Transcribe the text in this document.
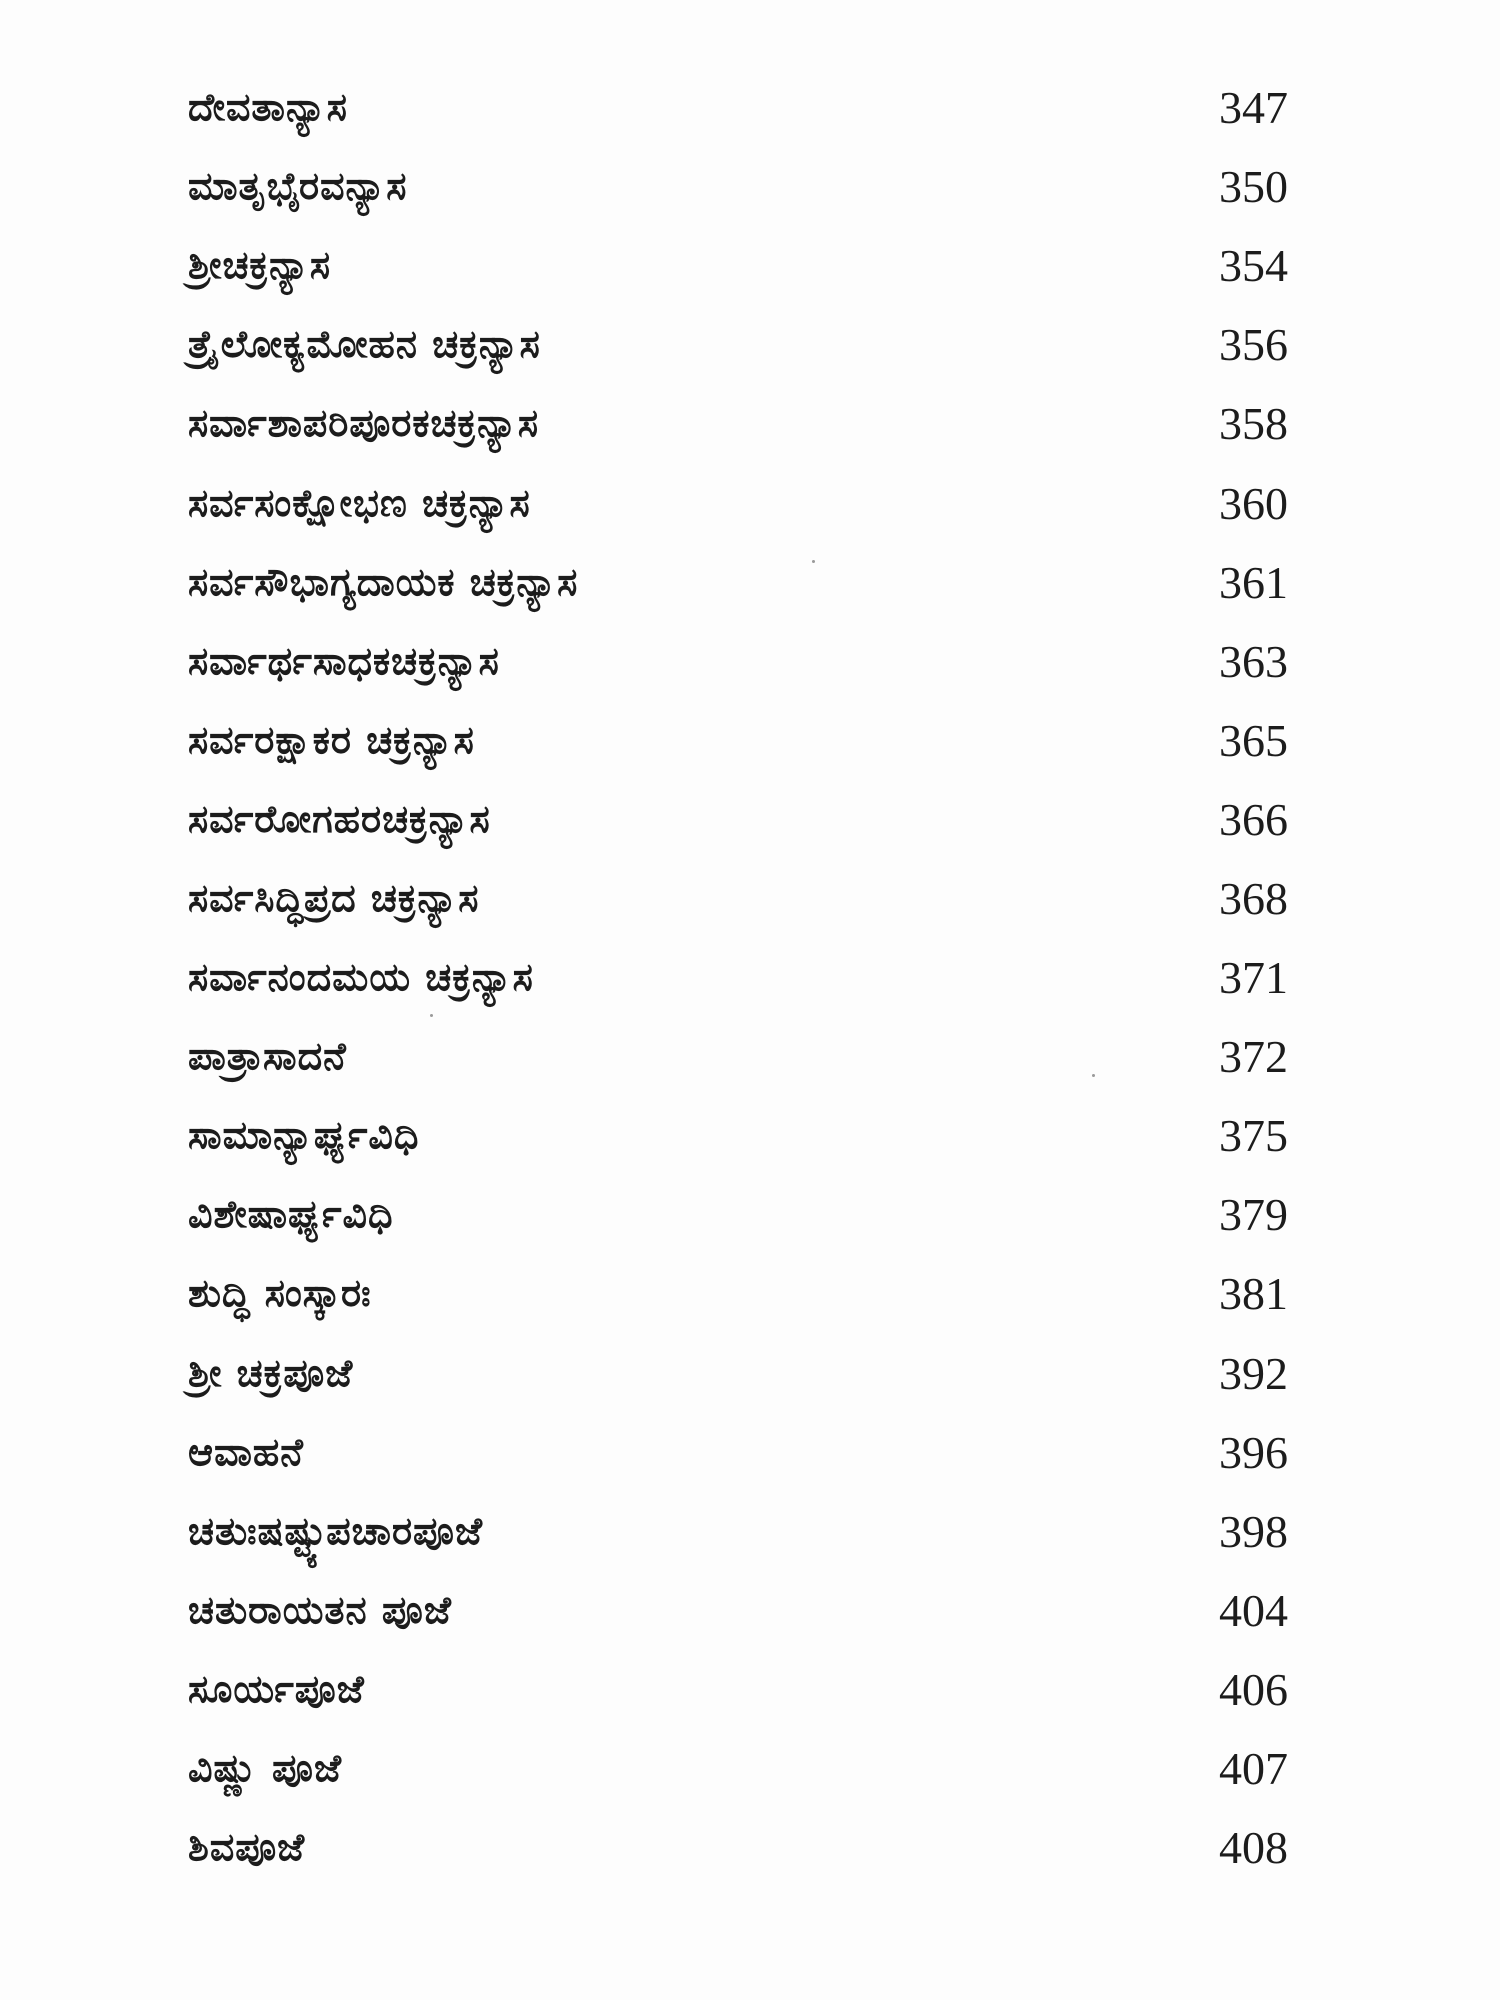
ದೇವತಾನ್ಯಾಸ	347
ಮಾತೃಭೈರವನ್ಯಾಸ	350
ಶ್ರೀಚಕ್ರನ್ಯಾಸ	354
ತ್ರೈಲೋಕ್ಯಮೋಹನ ಚಕ್ರನ್ಯಾಸ	356
ಸರ್ವಾಶಾಪರಿಪೂರಕಚಕ್ರನ್ಯಾಸ	358
ಸರ್ವಸಂಕ್ಷೋಭಣ ಚಕ್ರನ್ಯಾಸ	360
ಸರ್ವಸೌಭಾಗ್ಯದಾಯಕ ಚಕ್ರನ್ಯಾಸ	361
ಸರ್ವಾರ್ಥಸಾಧಕಚಕ್ರನ್ಯಾಸ	363
ಸರ್ವರಕ್ಷಾಕರ ಚಕ್ರನ್ಯಾಸ	365
ಸರ್ವರೋಗಹರಚಕ್ರನ್ಯಾಸ	366
ಸರ್ವಸಿದ್ಧಿಪ್ರದ ಚಕ್ರನ್ಯಾಸ	368
ಸರ್ವಾನಂದಮಯ ಚಕ್ರನ್ಯಾಸ	371
ಪಾತ್ರಾಸಾದನೆ	372
ಸಾಮಾನ್ಯಾರ್ಘ್ಯವಿಧಿ	375
ವಿಶೇಷಾರ್ಘ್ಯವಿಧಿ	379
ಶುದ್ಧಿ ಸಂಸ್ಕಾರಃ	381
ಶ್ರೀ ಚಕ್ರಪೂಜೆ	392
ಆವಾಹನೆ	396
ಚತುಃಷಷ್ಟ್ಯುಪಚಾರಪೂಜೆ	398
ಚತುರಾಯತನ ಪೂಜೆ	404
ಸೂರ್ಯಪೂಜೆ	406
ವಿಷ್ಣು ಪೂಜೆ	407
ಶಿವಪೂಜೆ	408
